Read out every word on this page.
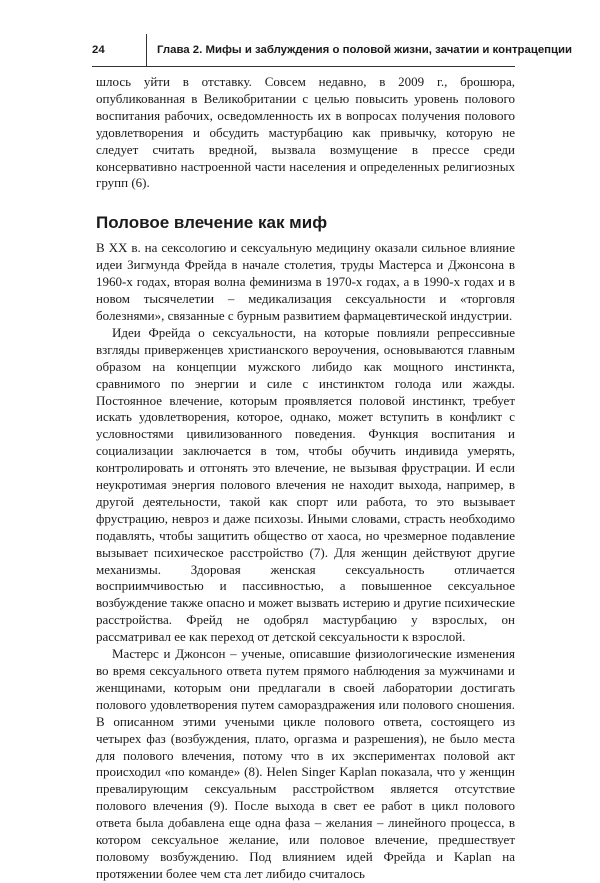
24	Глава 2. Мифы и заблуждения о половой жизни, зачатии и контрацепции

шлось уйти в отставку. Совсем недавно, в 2009 г., брошюра, опубликованная в Великобритании с целью повысить уровень полового воспитания рабочих, осведомленность их в вопросах получения полового удовлетворения и обсудить мастурбацию как привычку, которую не следует считать вредной, вызвала возмущение в прессе среди консервативно настроенной части населения и определенных религиозных групп (6).

Половое влечение как миф

В XX в. на сексологию и сексуальную медицину оказали сильное влияние идеи Зигмунда Фрейда в начале столетия, труды Мастерса и Джонсона в 1960-х годах, вторая волна феминизма в 1970-х годах, а в 1990-х годах и в новом тысячелетии – медикализация сексуальности и «торговля болезнями», связанные с бурным развитием фармацевтической индустрии.

Идеи Фрейда о сексуальности, на которые повлияли репрессивные взгляды приверженцев христианского вероучения, основываются главным образом на концепции мужского либидо как мощного инстинкта, сравнимого по энергии и силе с инстинктом голода или жажды. Постоянное влечение, которым проявляется половой инстинкт, требует искать удовлетворения, которое, однако, может вступить в конфликт с условностями цивилизованного поведения. Функция воспитания и социализации заключается в том, чтобы обучить индивида умерять, контролировать и отгонять это влечение, не вызывая фрустрации. И если неукротимая энергия полового влечения не находит выхода, например, в другой деятельности, такой как спорт или работа, то это вызывает фрустрацию, невроз и даже психозы. Иными словами, страсть необходимо подавлять, чтобы защитить общество от хаоса, но чрезмерное подавление вызывает психическое расстройство (7). Для женщин действуют другие механизмы. Здоровая женская сексуальность отличается восприимчивостью и пассивностью, а повышенное сексуальное возбуждение также опасно и может вызвать истерию и другие психические расстройства. Фрейд не одобрял мастурбацию у взрослых, он рассматривал ее как переход от детской сексуальности к взрослой.

Мастерс и Джонсон – ученые, описавшие физиологические изменения во время сексуального ответа путем прямого наблюдения за мужчинами и женщинами, которым они предлагали в своей лаборатории достигать полового удовлетворения путем самораздражения или полового сношения. В описанном этими учеными цикле полового ответа, состоящего из четырех фаз (возбуждения, плато, оргазма и разрешения), не было места для полового влечения, потому что в их экспериментах половой акт происходил «по команде» (8). Helen Singer Kaplan показала, что у женщин превалирующим сексуальным расстройством является отсутствие полового влечения (9). После выхода в свет ее работ в цикл полового ответа была добавлена еще одна фаза – желания – линейного процесса, в котором сексуальное желание, или половое влечение, предшествует половому возбуждению. Под влиянием идей Фрейда и Kaplan на протяжении более чем ста лет либидо считалось
